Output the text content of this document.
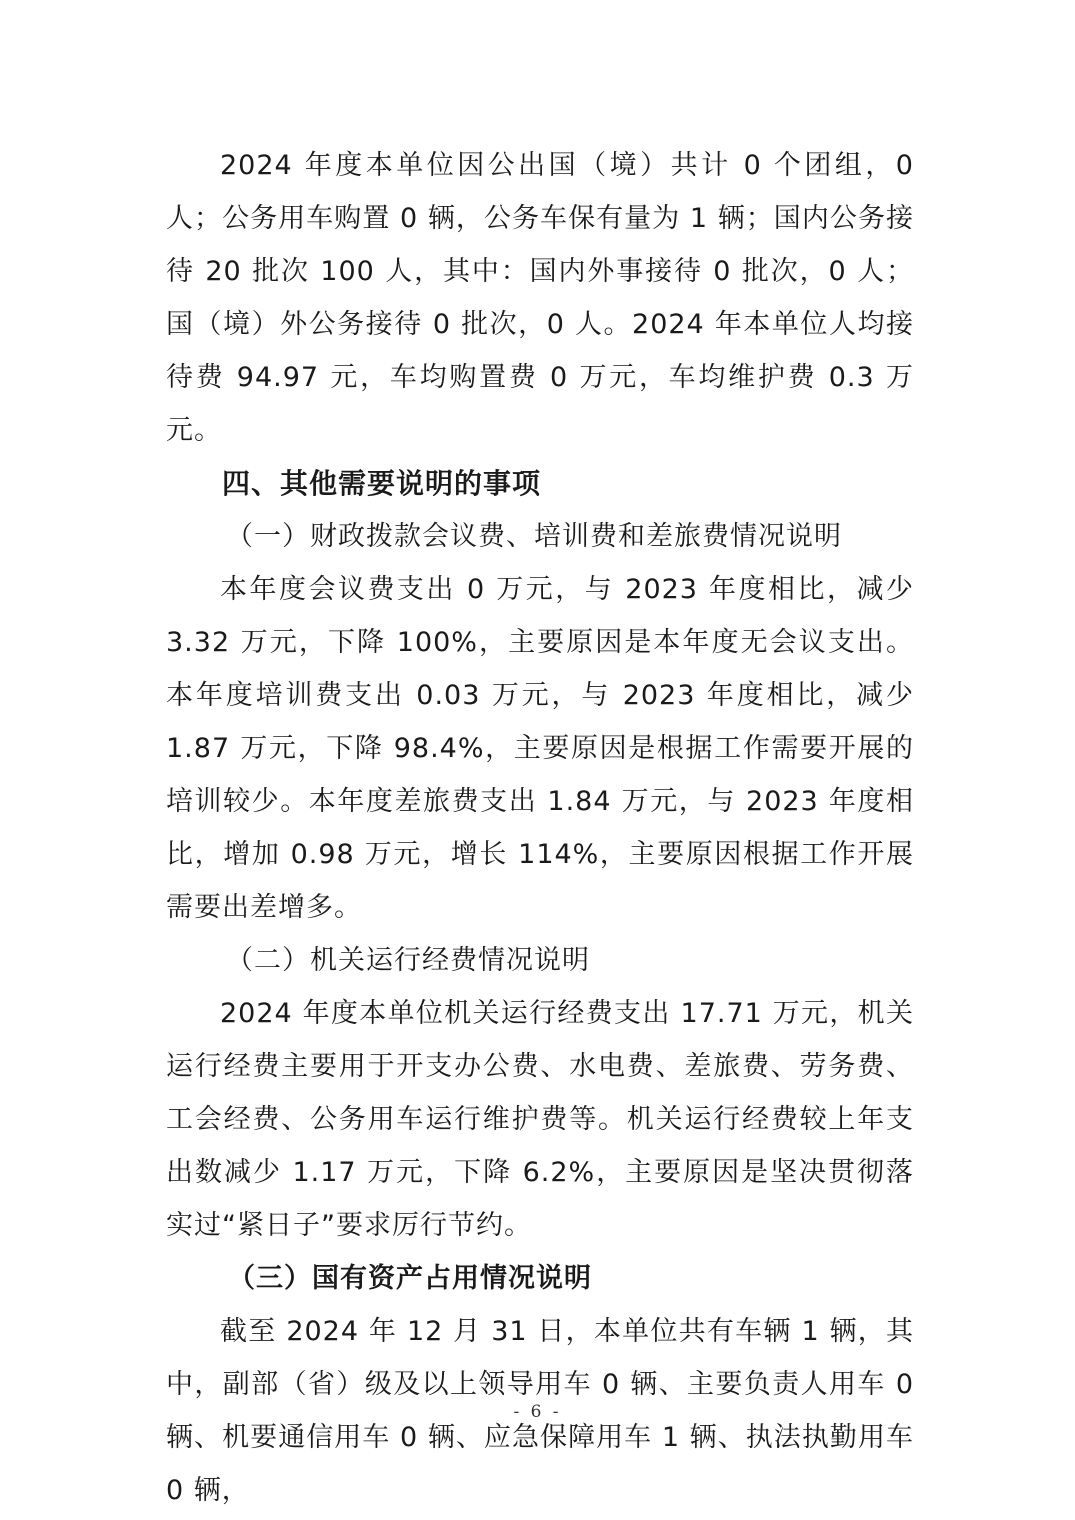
2024 年度本单位因公出国（境）共计 0 个团组，0 人；公务用车购置 0 辆，公务车保有量为 1 辆；国内公务接待 20 批次 100 人，其中：国内外事接待 0 批次，0 人；国（境）外公务接待 0 批次，0 人。2024 年本单位人均接待费 94.97 元，车均购置费 0 万元，车均维护费 0.3 万元。

四、其他需要说明的事项

（一）财政拨款会议费、培训费和差旅费情况说明

本年度会议费支出 0 万元，与 2023 年度相比，减少 3.32 万元，下降 100%，主要原因是本年度无会议支出。本年度培训费支出 0.03 万元，与 2023 年度相比，减少 1.87 万元，下降 98.4%，主要原因是根据工作需要开展的培训较少。本年度差旅费支出 1.84 万元，与 2023 年度相比，增加 0.98 万元，增长 114%，主要原因根据工作开展需要出差增多。

（二）机关运行经费情况说明

2024 年度本单位机关运行经费支出 17.71 万元，机关运行经费主要用于开支办公费、水电费、差旅费、劳务费、工会经费、公务用车运行维护费等。机关运行经费较上年支出数减少 1.17 万元，下降 6.2%，主要原因是坚决贯彻落实过“紧日子”要求厉行节约。

（三）国有资产占用情况说明

截至 2024 年 12 月 31 日，本单位共有车辆 1 辆，其中，副部（省）级及以上领导用车 0 辆、主要负责人用车 0 辆、机要通信用车 0 辆、应急保障用车 1 辆、执法执勤用车 0 辆，

- 6 -
